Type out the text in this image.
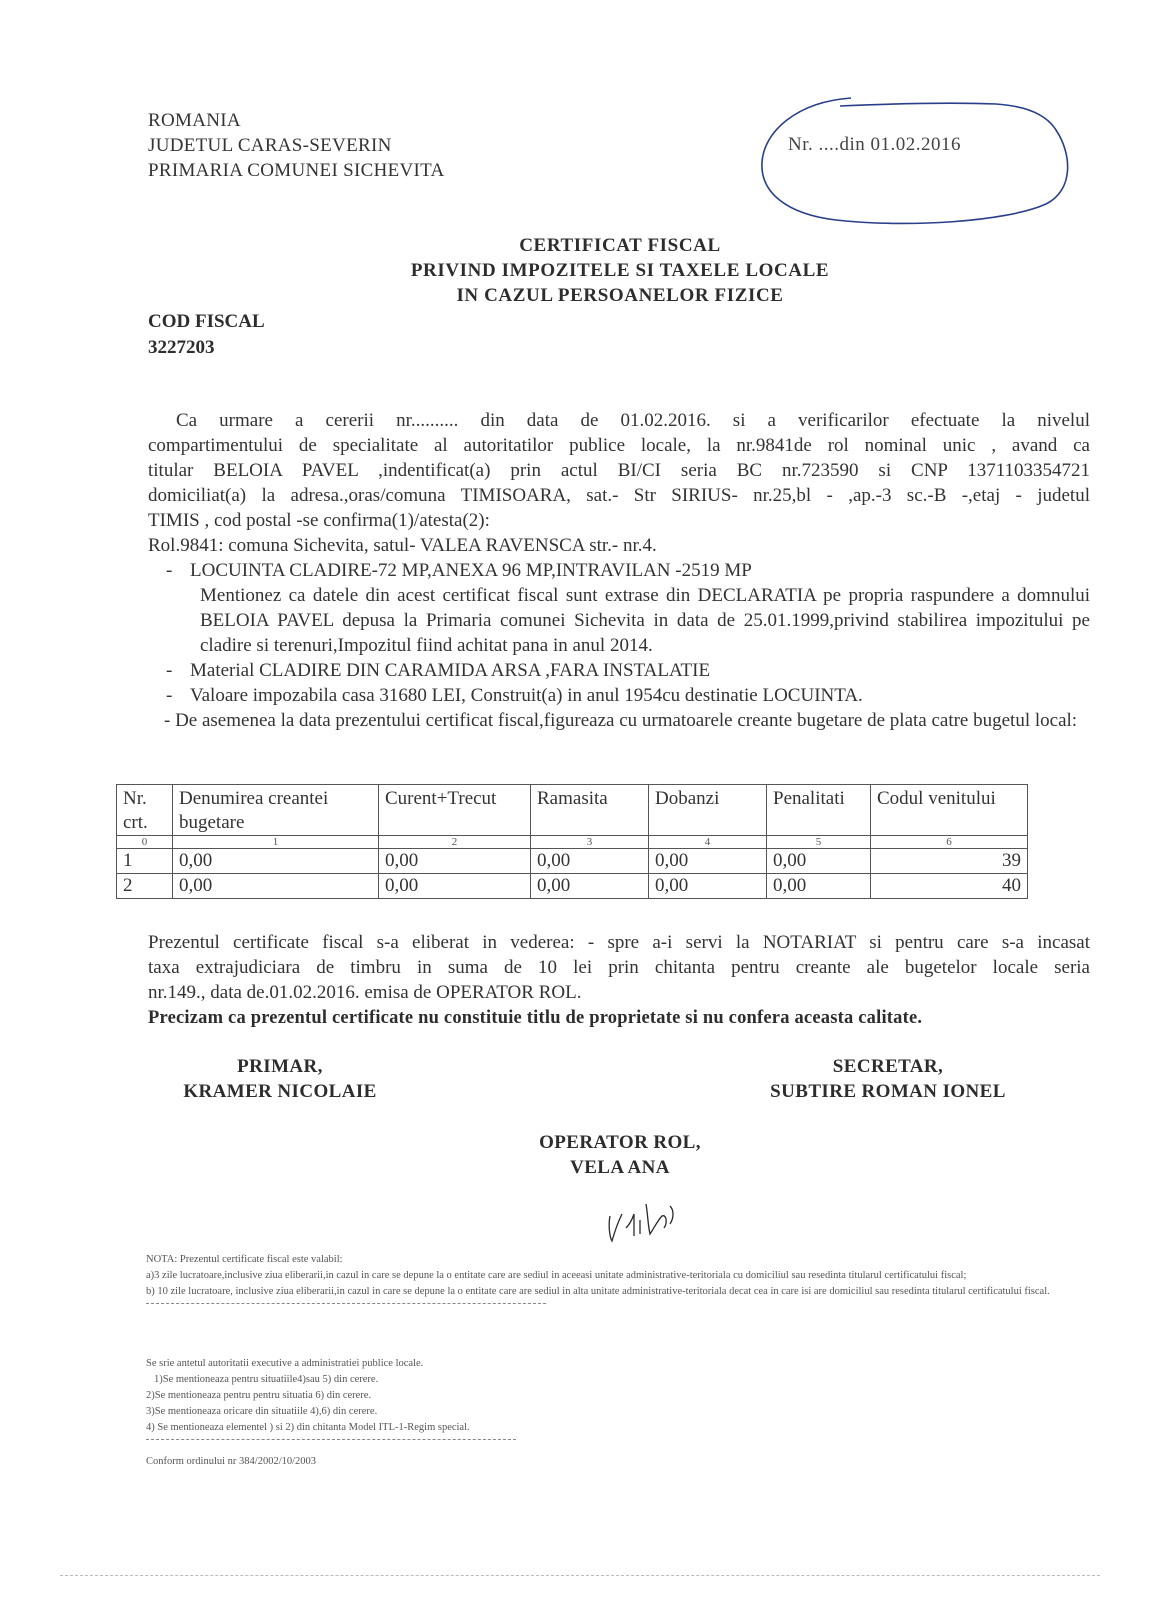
ROMANIA
JUDETUL CARAS-SEVERIN
PRIMARIA COMUNEI SICHEVITA
Nr. ....din 01.02.2016
CERTIFICAT FISCAL
PRIVIND IMPOZITELE SI TAXELE LOCALE
IN CAZUL PERSOANELOR FIZICE
COD FISCAL
3227203
Ca urmare a cererii nr.......... din data de 01.02.2016. si a verificarilor efectuate la nivelul
compartimentului de specialitate al autoritatilor publice locale, la nr.9841de rol nominal unic , avand ca
titular BELOIA PAVEL ,indentificat(a) prin actul BI/CI seria BC nr.723590 si CNP 1371103354721
domiciliat(a) la adresa.,oras/comuna TIMISOARA, sat.- Str SIRIUS- nr.25,bl - ,ap.-3 sc.-B -,etaj - judetul
TIMIS , cod postal -se confirma(1)/atesta(2):
Rol.9841: comuna Sichevita, satul- VALEA RAVENSCA str.- nr.4.
- LOCUINTA CLADIRE-72 MP,ANEXA 96 MP,INTRAVILAN -2519 MP
Mentionez ca datele din acest certificat fiscal sunt extrase din DECLARATIA pe propria raspundere a domnului BELOIA PAVEL depusa la Primaria comunei Sichevita in data de 25.01.1999,privind stabilirea impozitului pe cladire si terenuri,Impozitul fiind achitat pana in anul 2014.
- Material CLADIRE DIN CARAMIDA ARSA ,FARA INSTALATIE
- Valoare impozabila casa 31680 LEI, Construit(a) in anul 1954cu destinatie LOCUINTA.
- De asemenea la data prezentului certificat fiscal,figureaza cu urmatoarele creante bugetare de plata catre bugetul local:
Nr. crt.	Denumirea creantei bugetare	Curent+Trecut	Ramasita	Dobanzi	Penalitati	Codul venitului
0	1	2	3	4	5	6
1	0,00	0,00	0,00	0,00	0,00	39
2	0,00	0,00	0,00	0,00	0,00	40
Prezentul certificate fiscal s-a eliberat in vederea: - spre a-i servi la NOTARIAT si pentru care s-a incasat
taxa extrajudiciara de timbru in suma de 10 lei prin chitanta pentru creante ale bugetelor locale seria
nr.149., data de.01.02.2016. emisa de OPERATOR ROL.
Precizam ca prezentul certificate nu constituie titlu de proprietate si nu confera aceasta calitate.
PRIMAR,
KRAMER NICOLAIE
SECRETAR,
SUBTIRE ROMAN IONEL
OPERATOR ROL,
VELA ANA
NOTA: Prezentul certificate fiscal este valabil:
a)3 zile lucratoare,inclusive ziua eliberarii,in cazul in care se depune la o entitate care are sediul in aceeasi unitate administrative-teritoriala cu domiciliul sau resedinta titularul certificatului fiscal;
b) 10 zile lucratoare, inclusive ziua eliberarii,in cazul in care se depune la o entitate care are sediul in alta unitate administrative-teritoriala decat cea in care isi are domiciliul sau resedinta titularul certificatului fiscal.
Se srie antetul autoritatii executive a administratiei publice locale.
1)Se mentioneaza pentru situatiile4)sau 5) din cerere.
2)Se mentioneaza pentru pentru situatia 6) din cerere.
3)Se mentioneaza oricare din situatiile 4),6) din cerere.
4) Se mentioneaza elementel ) si 2) din chitanta Model ITL-1-Regim special.
Conform ordinului nr 384/2002/10/2003
